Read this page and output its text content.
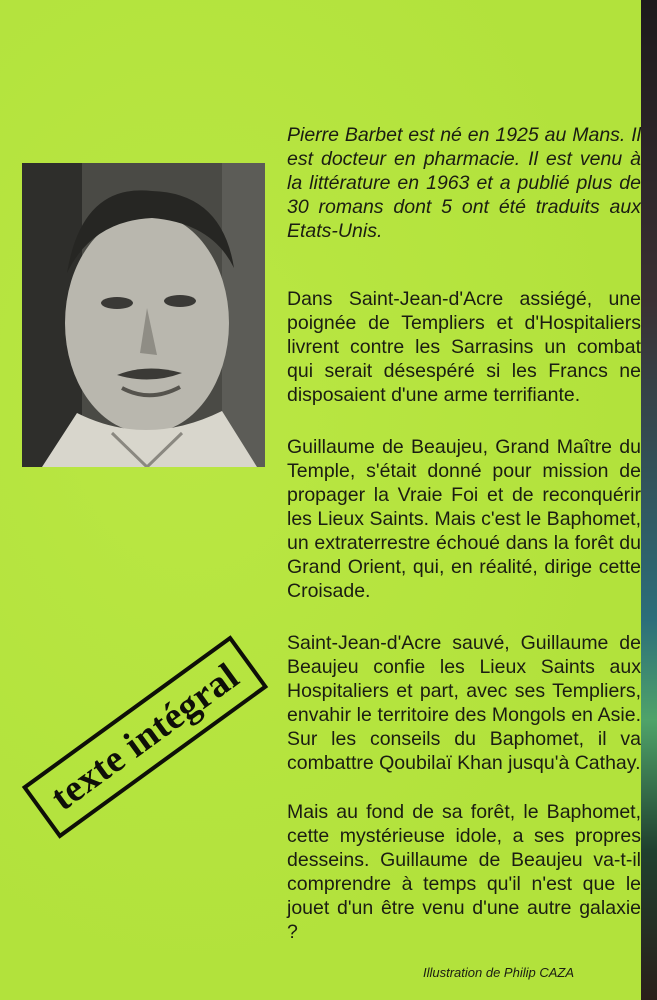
Pierre Barbet est né en 1925 au Mans. Il est docteur en pharmacie. Il est venu à la littérature en 1963 et a publié plus de 30 romans dont 5 ont été traduits aux Etats-Unis.

Dans Saint-Jean-d'Acre assiégé, une poignée de Templiers et d'Hospitaliers livrent contre les Sarrasins un combat qui serait désespéré si les Francs ne disposaient d'une arme terrifiante.

Guillaume de Beaujeu, Grand Maître du Temple, s'était donné pour mission de propager la Vraie Foi et de reconquérir les Lieux Saints. Mais c'est le Baphomet, un extraterrestre échoué dans la forêt du Grand Orient, qui, en réalité, dirige cette Croisade.

Saint-Jean-d'Acre sauvé, Guillaume de Beaujeu confie les Lieux Saints aux Hospitaliers et part, avec ses Templiers, envahir le territoire des Mongols en Asie. Sur les conseils du Baphomet, il va combattre Qoubilaï Khan jusqu'à Cathay.

Mais au fond de sa forêt, le Baphomet, cette mystérieuse idole, a ses propres desseins. Guillaume de Beaujeu va-t-il comprendre à temps qu'il n'est que le jouet d'un être venu d'une autre galaxie ?

texte intégral
Illustration de Philip CAZA
